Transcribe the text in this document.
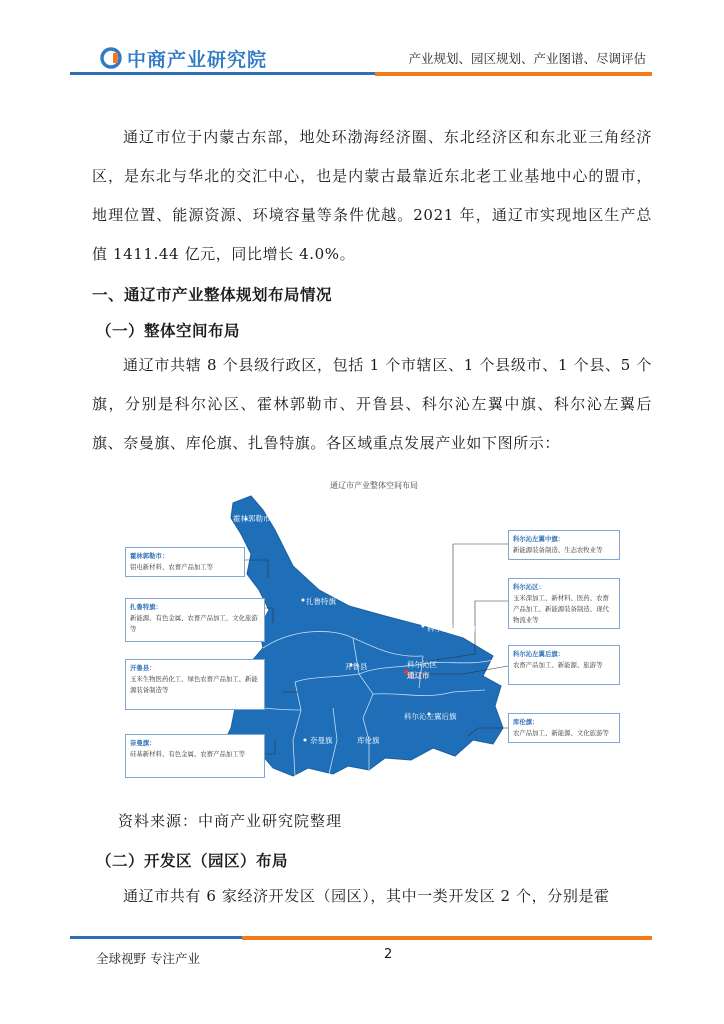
中商产业研究院	产业规划、园区规划、产业图谱、尽调评估
通辽市位于内蒙古东部，地处环渤海经济圈、东北经济区和东北亚三角经济区，是东北与华北的交汇中心，也是内蒙古最靠近东北老工业基地中心的盟市，地理位置、能源资源、环境容量等条件优越。2021 年，通辽市实现地区生产总值 1411.44 亿元，同比增长 4.0%。
一、通辽市产业整体规划布局情况
（一）整体空间布局
通辽市共辖 8 个县级行政区，包括 1 个市辖区、1 个县级市、1 个县、5 个旗，分别是科尔沁区、霍林郭勒市、开鲁县、科尔沁左翼中旗、科尔沁左翼后旗、奈曼旗、库伦旗、扎鲁特旗。各区域重点发展产业如下图所示：
通辽市产业整体空间布局
霍林郭勒市
扎鲁特旗
科尔沁左翼中旗
开鲁县	科尔沁区
通辽市
科尔沁左翼后旗
奈曼旗	库伦旗
霍林郭勒市：
铝电新材料、农畜产品加工等
扎鲁特旗：
新能源、有色金属、农畜产品加工、文化旅游等
开鲁县：
玉米生物医药化工、绿色农畜产品加工、新能源装备制造等
奈曼旗：
硅基新材料、有色金属、农畜产品加工等
科尔沁左翼中旗：
新能源装备制造、生态农牧业等
科尔沁区：
玉米深加工、新材料、医药、农畜产品加工、新能源装备制造、现代物流业等
科尔沁左翼后旗：
农畜产品加工、新能源、旅游等
库伦旗：
农产品加工、新能源、文化旅游等
资料来源：中商产业研究院整理
（二）开发区（园区）布局
通辽市共有 6 家经济开发区（园区），其中一类开发区 2 个，分别是霍
全球视野 专注产业	2
